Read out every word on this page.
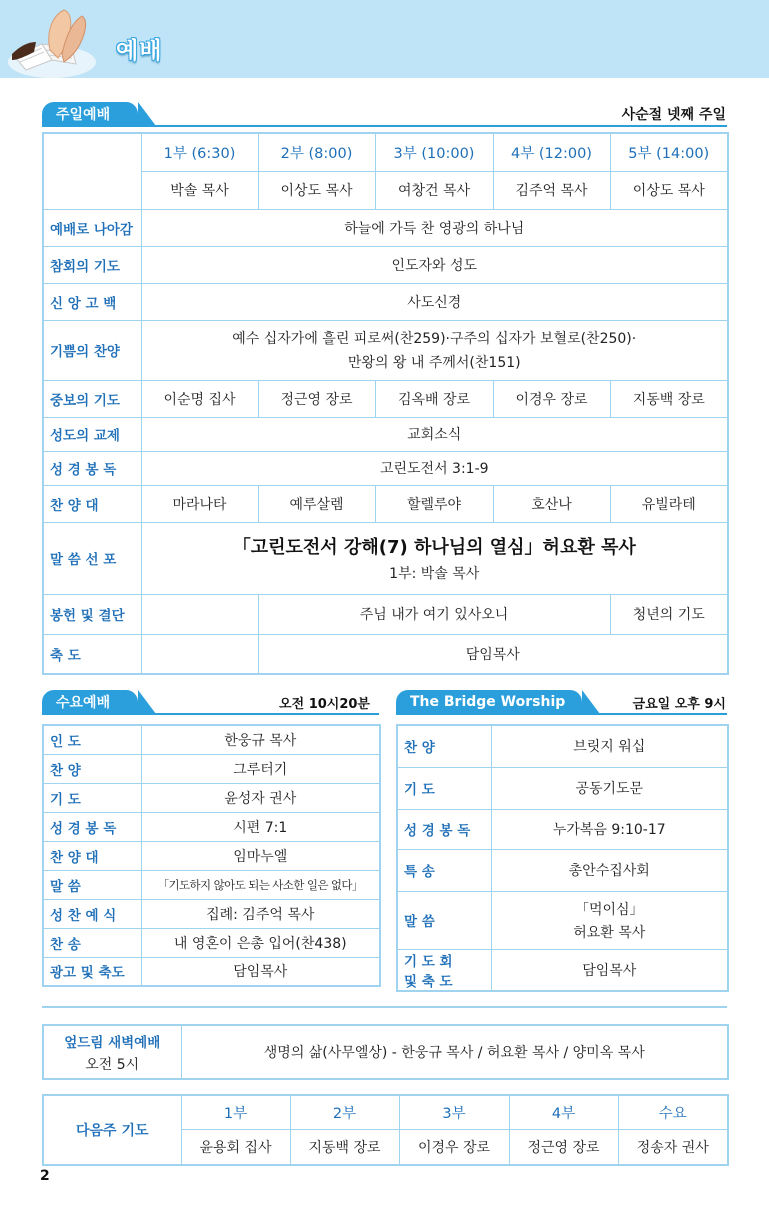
예배
주일예배	사순절 넷째 주일
	1부 (6:30)	2부 (8:00)	3부 (10:00)	4부 (12:00)	5부 (14:00)
	박솔 목사	이상도 목사	여창건 목사	김주억 목사	이상도 목사
예배로 나아감	하늘에 가득 찬 영광의 하나님				
참회의 기도	인도자와 성도				
신 앙 고 백	사도신경				
기쁨의 찬양	예수 십자가에 흘린 피로써(찬259)·구주의 십자가 보혈로(찬250)·
만왕의 왕 내 주께서(찬151)				

중보의 기도	이순명 집사	정근영 장로	김옥배 장로	이경우 장로	지동백 장로
성도의 교제	교회소식				
성 경 봉 독	고린도전서 3:1-9				
찬 양 대	마라나타	예루살렘	할렐루야	호산나	유빌라테
말 씀 선 포	「고린도전서 강해(7) 하나님의 열심」허요환 목사
1부: 박솔 목사				

봉헌 및 결단		주님 내가 여기 있사오니			청년의 기도
축 도		담임목사			
수요예배	오전 10시20분
인 도	한웅규 목사
찬 양	그루터기
기 도	윤성자 권사
성 경 봉 독	시편 7:1
찬 양 대	임마누엘
말 씀	「기도하지 않아도 되는 사소한 일은 없다」
성 찬 예 식	집례: 김주억 목사
찬 송	내 영혼이 은총 입어(찬438)
광고 및 축도	담임목사
The Bridge Worship	금요일 오후 9시
찬 양	브릿지 워십
기 도	공동기도문
성 경 봉 독	누가복음 9:10-17
특 송	총안수집사회
말 씀	「먹이심」
허요환 목사

기 도 회
및 축 도	담임목사
엎드림 새벽예배
오전 5시
	생명의 삶(사무엘상) - 한웅규 목사 / 허요환 목사 / 양미옥 목사
다음주 기도	1부	2부	3부	4부	수요
	윤용회 집사	지동백 장로	이경우 장로	정근영 장로	정송자 권사
2
